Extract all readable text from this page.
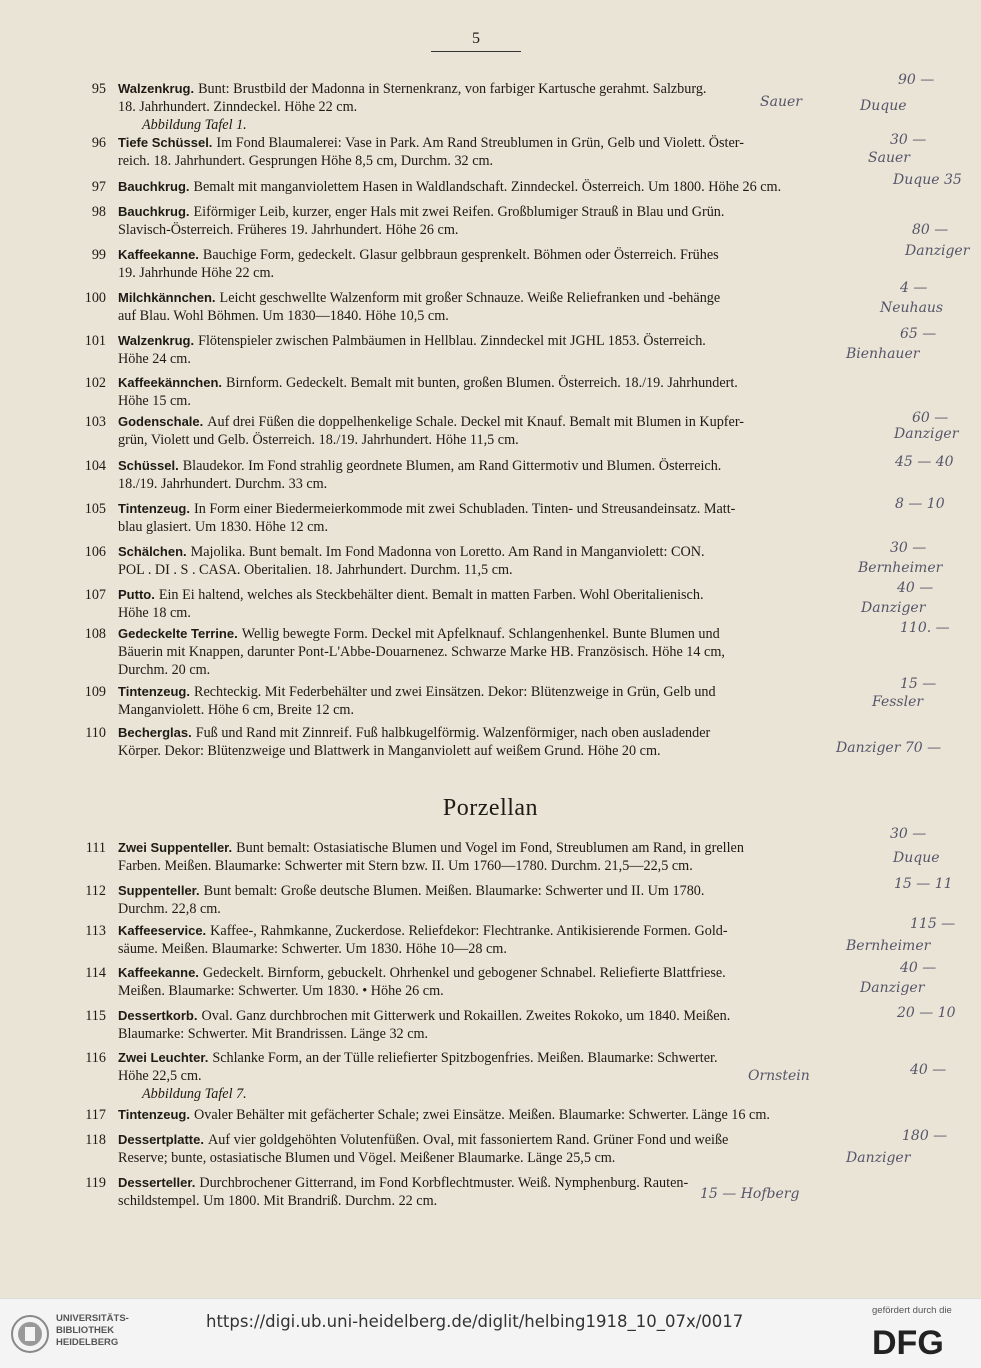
5
95 Walzenkrug. Bunt: Brustbild der Madonna in Sternenkranz, von farbiger Kartusche gerahmt. Salzburg.
18. Jahrhundert. Zinndeckel. Höhe 22 cm.
Abbildung Tafel 1.
96 Tiefe Schüssel. Im Fond Blaumalerei: Vase in Park. Am Rand Streublumen in Grün, Gelb und Violett. Öster-
reich. 18. Jahrhundert. Gesprungen Höhe 8,5 cm, Durchm. 32 cm.
97 Bauchkrug. Bemalt mit manganviolettem Hasen in Waldlandschaft. Zinndeckel. Österreich. Um 1800. Höhe 26 cm.
98 Bauchkrug. Eiförmiger Leib, kurzer, enger Hals mit zwei Reifen. Großblumiger Strauß in Blau und Grün.
Slavisch-Österreich. Früheres 19. Jahrhundert. Höhe 26 cm.
99 Kaffeekanne. Bauchige Form, gedeckelt. Glasur gelbbraun gesprenkelt. Böhmen oder Österreich. Frühes
19. Jahrhunde Höhe 22 cm.
100 Milchkännchen. Leicht geschwellte Walzenform mit großer Schnauze. Weiße Reliefranken und -behänge
auf Blau. Wohl Böhmen. Um 1830—1840. Höhe 10,5 cm.
101 Walzenkrug. Flötenspieler zwischen Palmbäumen in Hellblau. Zinndeckel mit JGHL 1853. Österreich.
Höhe 24 cm.
102 Kaffeekännchen. Birnform. Gedeckelt. Bemalt mit bunten, großen Blumen. Österreich. 18./19. Jahrhundert.
Höhe 15 cm.
103 Godenschale. Auf drei Füßen die doppelhenkelige Schale. Deckel mit Knauf. Bemalt mit Blumen in Kupfer-
grün, Violett und Gelb. Österreich. 18./19. Jahrhundert. Höhe 11,5 cm.
104 Schüssel. Blaudekor. Im Fond strahlig geordnete Blumen, am Rand Gittermotiv und Blumen. Österreich.
18./19. Jahrhundert. Durchm. 33 cm.
105 Tintenzeug. In Form einer Biedermeierkommode mit zwei Schubladen. Tinten- und Streusandeinsatz. Matt-
blau glasiert. Um 1830. Höhe 12 cm.
106 Schälchen. Majolika. Bunt bemalt. Im Fond Madonna von Loretto. Am Rand in Manganviolett: CON.
POL . DI . S . CASA. Oberitalien. 18. Jahrhundert. Durchm. 11,5 cm.
107 Putto. Ein Ei haltend, welches als Steckbehälter dient. Bemalt in matten Farben. Wohl Oberitalienisch.
Höhe 18 cm.
108 Gedeckelte Terrine. Wellig bewegte Form. Deckel mit Apfelknauf. Schlangenhenkel. Bunte Blumen und
Bäuerin mit Knappen, darunter Pont-L'Abbe-Douarnenez. Schwarze Marke HB. Französisch. Höhe 14 cm,
Durchm. 20 cm.
109 Tintenzeug. Rechteckig. Mit Federbehälter und zwei Einsätzen. Dekor: Blütenzweige in Grün, Gelb und
Manganviolett. Höhe 6 cm, Breite 12 cm.
110 Becherglas. Fuß und Rand mit Zinnreif. Fuß halbkugelförmig. Walzenförmiger, nach oben ausladender
Körper. Dekor: Blütenzweige und Blattwerk in Manganviolett auf weißem Grund. Höhe 20 cm.
Porzellan
111 Zwei Suppenteller. Bunt bemalt: Ostasiatische Blumen und Vogel im Fond, Streublumen am Rand, in grellen
Farben. Meißen. Blaumarke: Schwerter mit Stern bzw. II. Um 1760—1780. Durchm. 21,5—22,5 cm.
112 Suppenteller. Bunt bemalt: Große deutsche Blumen. Meißen. Blaumarke: Schwerter und II. Um 1780.
Durchm. 22,8 cm.
113 Kaffeeservice. Kaffee-, Rahmkanne, Zuckerdose. Reliefdekor: Flechtranke. Antikisierende Formen. Gold-
säume. Meißen. Blaumarke: Schwerter. Um 1830. Höhe 10—28 cm.
114 Kaffeekanne. Gedeckelt. Birnform, gebuckelt. Ohrhenkel und gebogener Schnabel. Reliefierte Blattfriese.
Meißen. Blaumarke: Schwerter. Um 1830. • Höhe 26 cm.
115 Dessertkorb. Oval. Ganz durchbrochen mit Gitterwerk und Rokaillen. Zweites Rokoko, um 1840. Meißen.
Blaumarke: Schwerter. Mit Brandrissen. Länge 32 cm.
116 Zwei Leuchter. Schlanke Form, an der Tülle reliefierter Spitzbogenfries. Meißen. Blaumarke: Schwerter.
Höhe 22,5 cm.
Abbildung Tafel 7.
117 Tintenzeug. Ovaler Behälter mit gefächerter Schale; zwei Einsätze. Meißen. Blaumarke: Schwerter. Länge 16 cm.
118 Dessertplatte. Auf vier goldgehöhten Volutenfüßen. Oval, mit fassoniertem Rand. Grüner Fond und weiße
Reserve; bunte, ostasiatische Blumen und Vögel. Meißener Blaumarke. Länge 25,5 cm.
119 Desserteller. Durchbrochener Gitterrand, im Fond Korbflechtmuster. Weiß. Nymphenburg. Rauten-
schildstempel. Um 1800. Mit Brandriß. Durchm. 22 cm.
90 —
Sauer	Duque
30 —
Sauer
Duque 35
80 —
Danziger
4 —
Neuhaus
65 —
Bienhauer
60 —
Danziger
45 — 40
8 — 10
30 —
Bernheimer
40 —
Danziger
110. —
15 —
Fessler
Danziger 70 —
30 —
Duque
15 — 11
115 —
Bernheimer
40 —
Danziger
20 — 10
Ornstein	40 —
180 —
Danziger
15 — Hofberg
UNIVERSITÄTS-
BIBLIOTHEK
HEIDELBERG
https://digi.ub.uni-heidelberg.de/diglit/helbing1918_10_07x/0017
gefördert durch die
DFG
